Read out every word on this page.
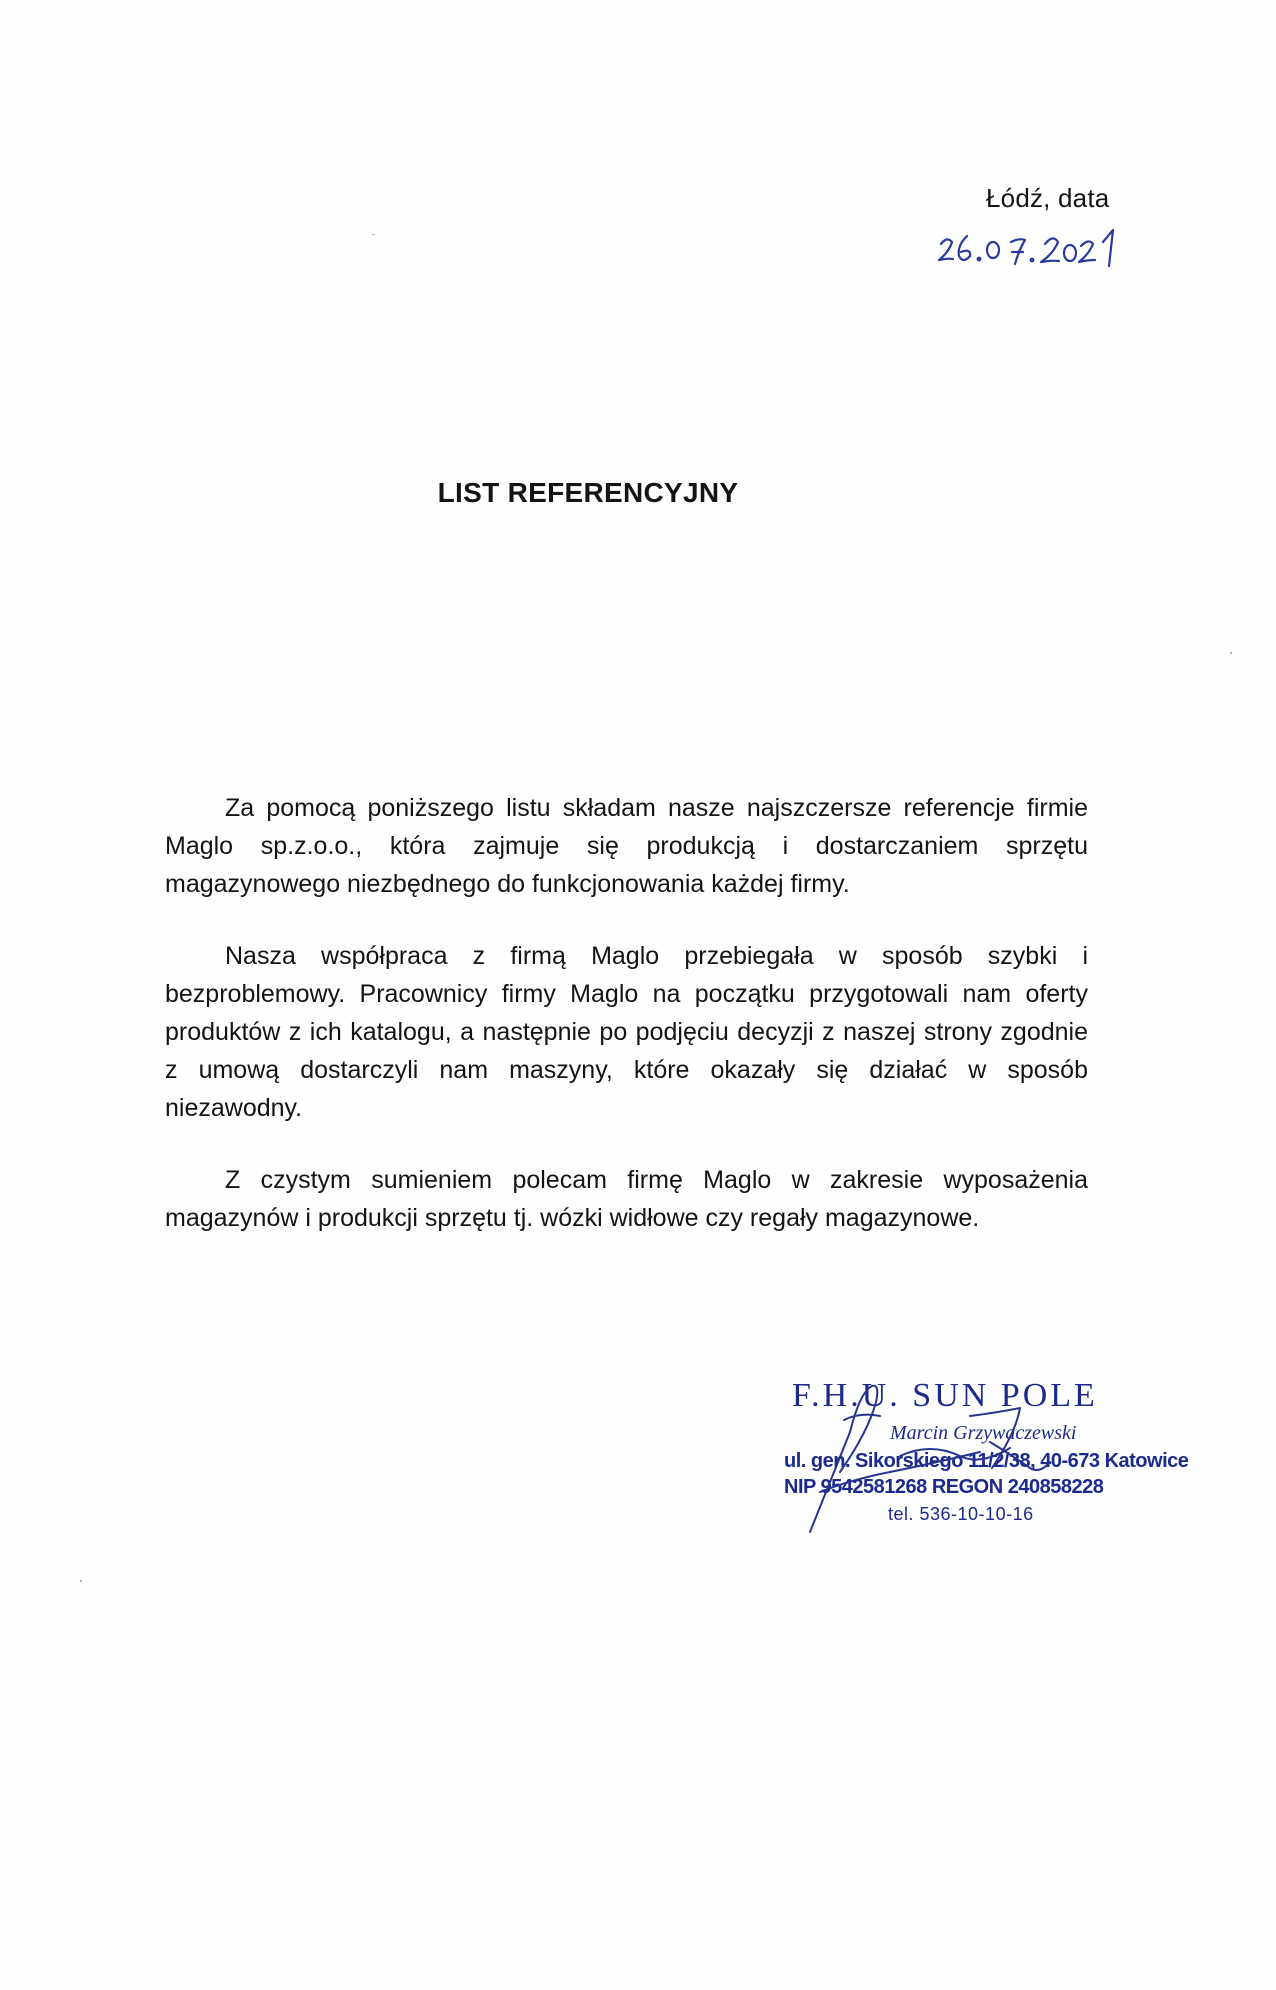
Łódź, data
LIST REFERENCYJNY

Za pomocą poniższego listu składam nasze najszczersze referencje firmie Maglo sp.z.o.o., która zajmuje się produkcją i dostarczaniem sprzętu magazynowego niezbędnego do funkcjonowania każdej firmy.

Nasza współpraca z firmą Maglo przebiegała w sposób szybki i bezproblemowy. Pracownicy firmy Maglo na początku przygotowali nam oferty produktów z ich katalogu, a następnie po podjęciu decyzji z naszej strony zgodnie z umową dostarczyli nam maszyny, które okazały się działać w sposób niezawodny.

Z czystym sumieniem polecam firmę Maglo w zakresie wyposażenia magazynów i produkcji sprzętu tj. wózki widłowe czy regały magazynowe.

F.H.U. SUN POLE
Marcin Grzywaczewski
ul. gen. Sikorskiego 11/2/38, 40-673 Katowice
NIP 9542581268 REGON 240858228
tel. 536-10-10-16
